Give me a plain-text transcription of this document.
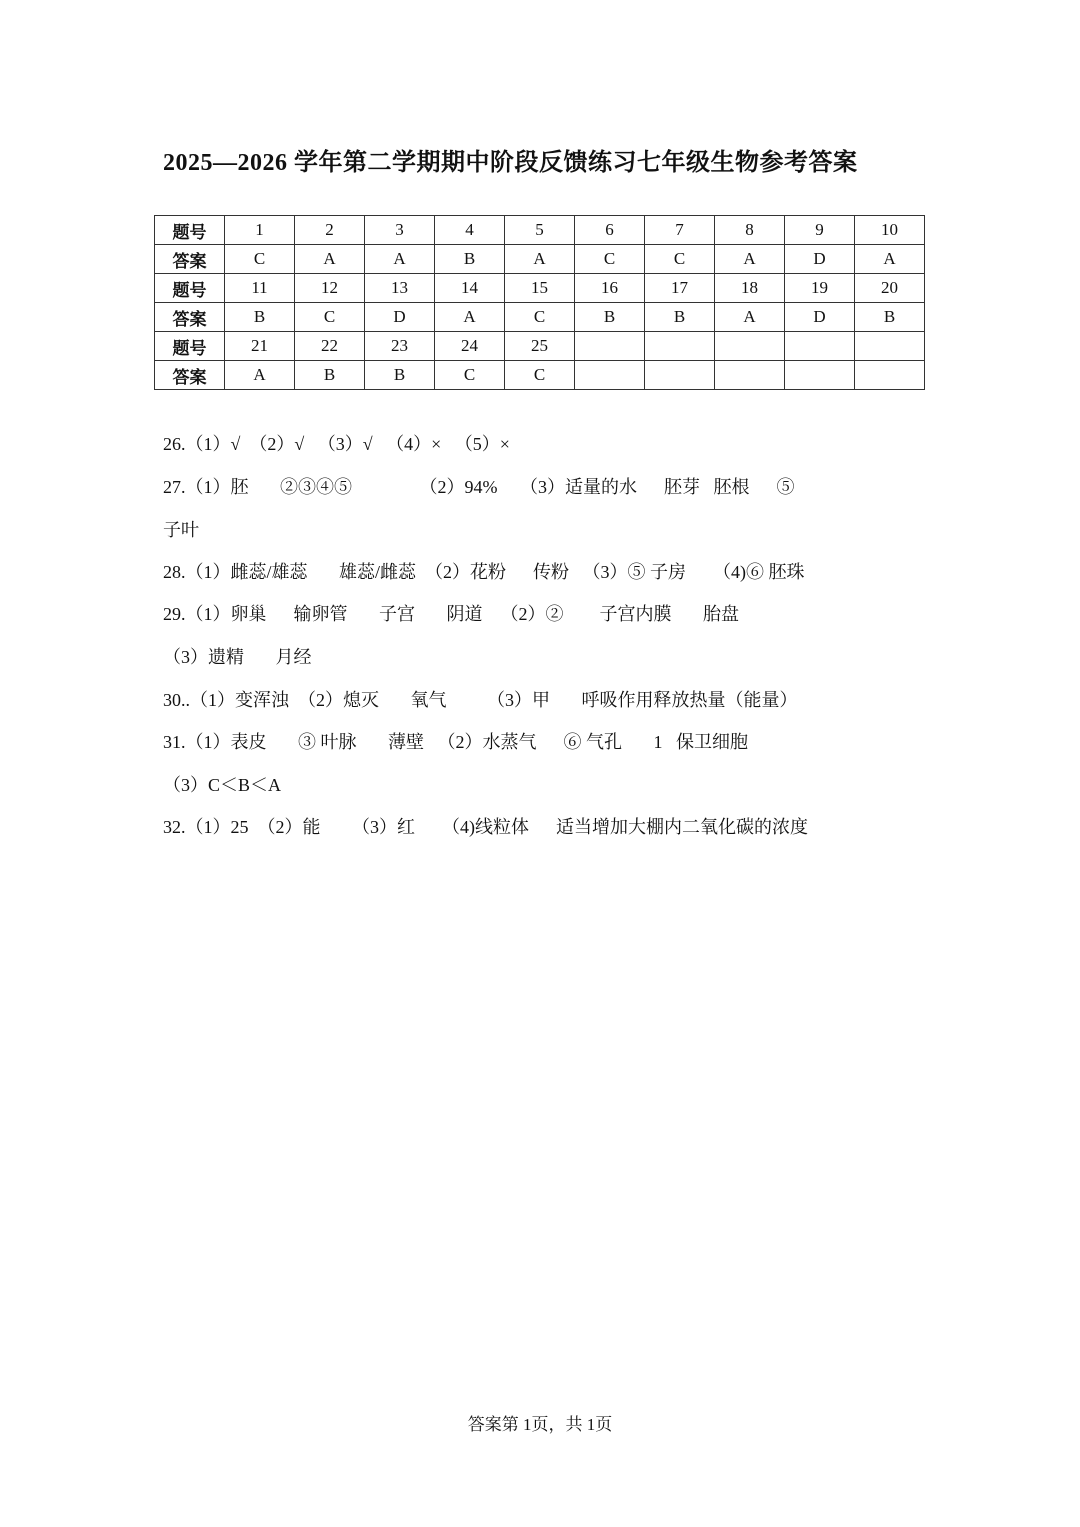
2025—2026 学年第二学期期中阶段反馈练习七年级生物参考答案
题号	1	2	3	4	5	6	7	8	9	10
答案	C	A	A	B	A	C	C	A	D	A
题号	11	12	13	14	15	16	17	18	19	20
答案	B	C	D	A	C	B	B	A	D	B
题号	21	22	23	24	25					
答案	A	B	B	C	C					
26.（1）√  （2）√   （3）√   （4）×   （5）×
27.（1）胚       ②③④⑤               （2）94%     （3）适量的水      胚芽   胚根      ⑤
子叶
28.（1）雌蕊/雄蕊       雄蕊/雌蕊  （2）花粉      传粉   （3）⑤ 子房      （4)⑥ 胚珠
29.（1）卵巢      输卵管       子宫       阴道    （2）②        子宫内膜       胎盘
（3）遗精       月经
30..（1）变浑浊  （2）熄灭       氧气         （3）甲       呼吸作用释放热量（能量）
31.（1）表皮       ③ 叶脉       薄壁   （2）水蒸气      ⑥ 气孔       1   保卫细胞
（3）C＜B＜A
32.（1）25  （2）能       （3）红      （4)线粒体      适当增加大棚内二氧化碳的浓度
答案第 1页，共 1页
